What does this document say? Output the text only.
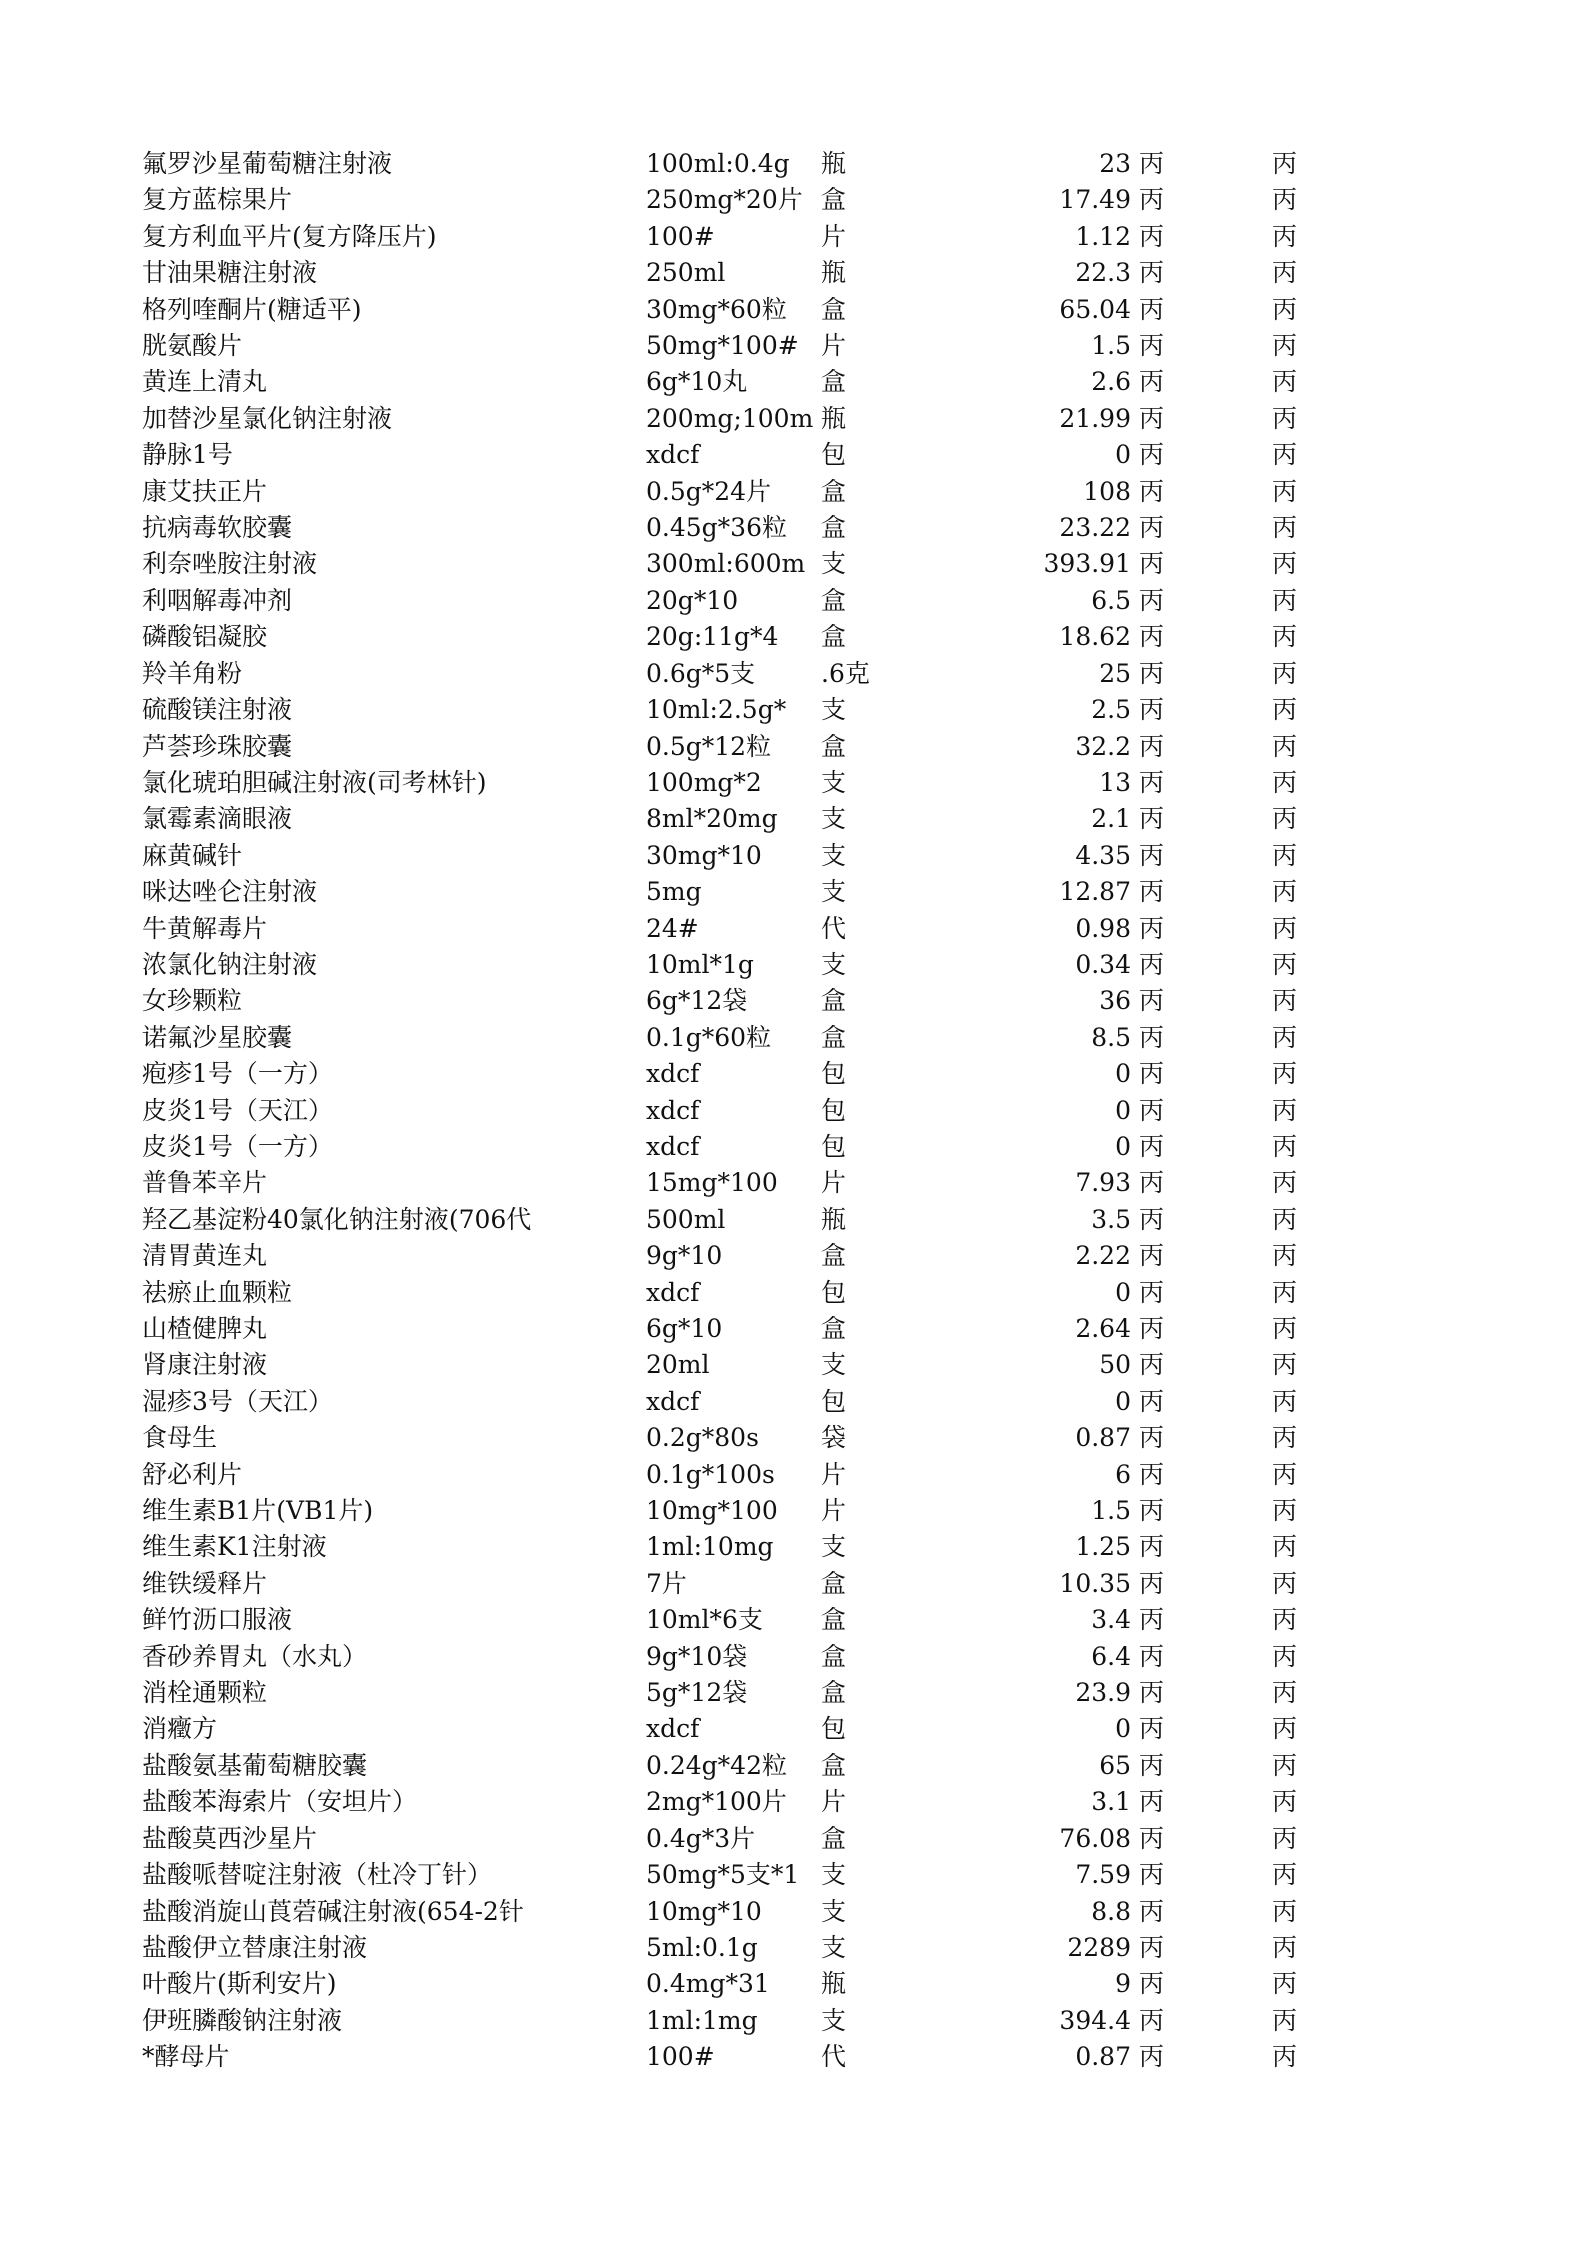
氟罗沙星葡萄糖注射液	100ml:0.4g	瓶	23	丙	丙
复方蓝棕果片	250mg*20片	盒	17.49	丙	丙
复方利血平片(复方降压片)	100#	片	1.12	丙	丙
甘油果糖注射液	250ml	瓶	22.3	丙	丙
格列喹酮片(糖适平)	30mg*60粒	盒	65.04	丙	丙
胱氨酸片	50mg*100#	片	1.5	丙	丙
黄连上清丸	6g*10丸	盒	2.6	丙	丙
加替沙星氯化钠注射液	200mg;100m	瓶	21.99	丙	丙
静脉1号	xdcf	包	0	丙	丙
康艾扶正片	0.5g*24片	盒	108	丙	丙
抗病毒软胶囊	0.45g*36粒	盒	23.22	丙	丙
利奈唑胺注射液	300ml:600m	支	393.91	丙	丙
利咽解毒冲剂	20g*10	盒	6.5	丙	丙
磷酸铝凝胶	20g:11g*4	盒	18.62	丙	丙
羚羊角粉	0.6g*5支	.6克	25	丙	丙
硫酸镁注射液	10ml:2.5g*	支	2.5	丙	丙
芦荟珍珠胶囊	0.5g*12粒	盒	32.2	丙	丙
氯化琥珀胆碱注射液(司考林针)	100mg*2	支	13	丙	丙
氯霉素滴眼液	8ml*20mg	支	2.1	丙	丙
麻黄碱针	30mg*10	支	4.35	丙	丙
咪达唑仑注射液	5mg	支	12.87	丙	丙
牛黄解毒片	24#	代	0.98	丙	丙
浓氯化钠注射液	10ml*1g	支	0.34	丙	丙
女珍颗粒	6g*12袋	盒	36	丙	丙
诺氟沙星胶囊	0.1g*60粒	盒	8.5	丙	丙
疱疹1号（一方）	xdcf	包	0	丙	丙
皮炎1号（天江）	xdcf	包	0	丙	丙
皮炎1号（一方）	xdcf	包	0	丙	丙
普鲁苯辛片	15mg*100	片	7.93	丙	丙
羟乙基淀粉40氯化钠注射液(706代	500ml	瓶	3.5	丙	丙
清胃黄连丸	9g*10	盒	2.22	丙	丙
祛瘀止血颗粒	xdcf	包	0	丙	丙
山楂健脾丸	6g*10	盒	2.64	丙	丙
肾康注射液	20ml	支	50	丙	丙
湿疹3号（天江）	xdcf	包	0	丙	丙
食母生	0.2g*80s	袋	0.87	丙	丙
舒必利片	0.1g*100s	片	6	丙	丙
维生素B1片(VB1片)	10mg*100	片	1.5	丙	丙
维生素K1注射液	1ml:10mg	支	1.25	丙	丙
维铁缓释片	7片	盒	10.35	丙	丙
鲜竹沥口服液	10ml*6支	盒	3.4	丙	丙
香砂养胃丸（水丸）	9g*10袋	盒	6.4	丙	丙
消栓通颗粒	5g*12袋	盒	23.9	丙	丙
消癥方	xdcf	包	0	丙	丙
盐酸氨基葡萄糖胶囊	0.24g*42粒	盒	65	丙	丙
盐酸苯海索片（安坦片）	2mg*100片	片	3.1	丙	丙
盐酸莫西沙星片	0.4g*3片	盒	76.08	丙	丙
盐酸哌替啶注射液（杜冷丁针）	50mg*5支*1	支	7.59	丙	丙
盐酸消旋山莨菪碱注射液(654-2针	10mg*10	支	8.8	丙	丙
盐酸伊立替康注射液	5ml:0.1g	支	2289	丙	丙
叶酸片(斯利安片)	0.4mg*31	瓶	9	丙	丙
伊班膦酸钠注射液	1ml:1mg	支	394.4	丙	丙
*酵母片	100#	代	0.87	丙	丙
